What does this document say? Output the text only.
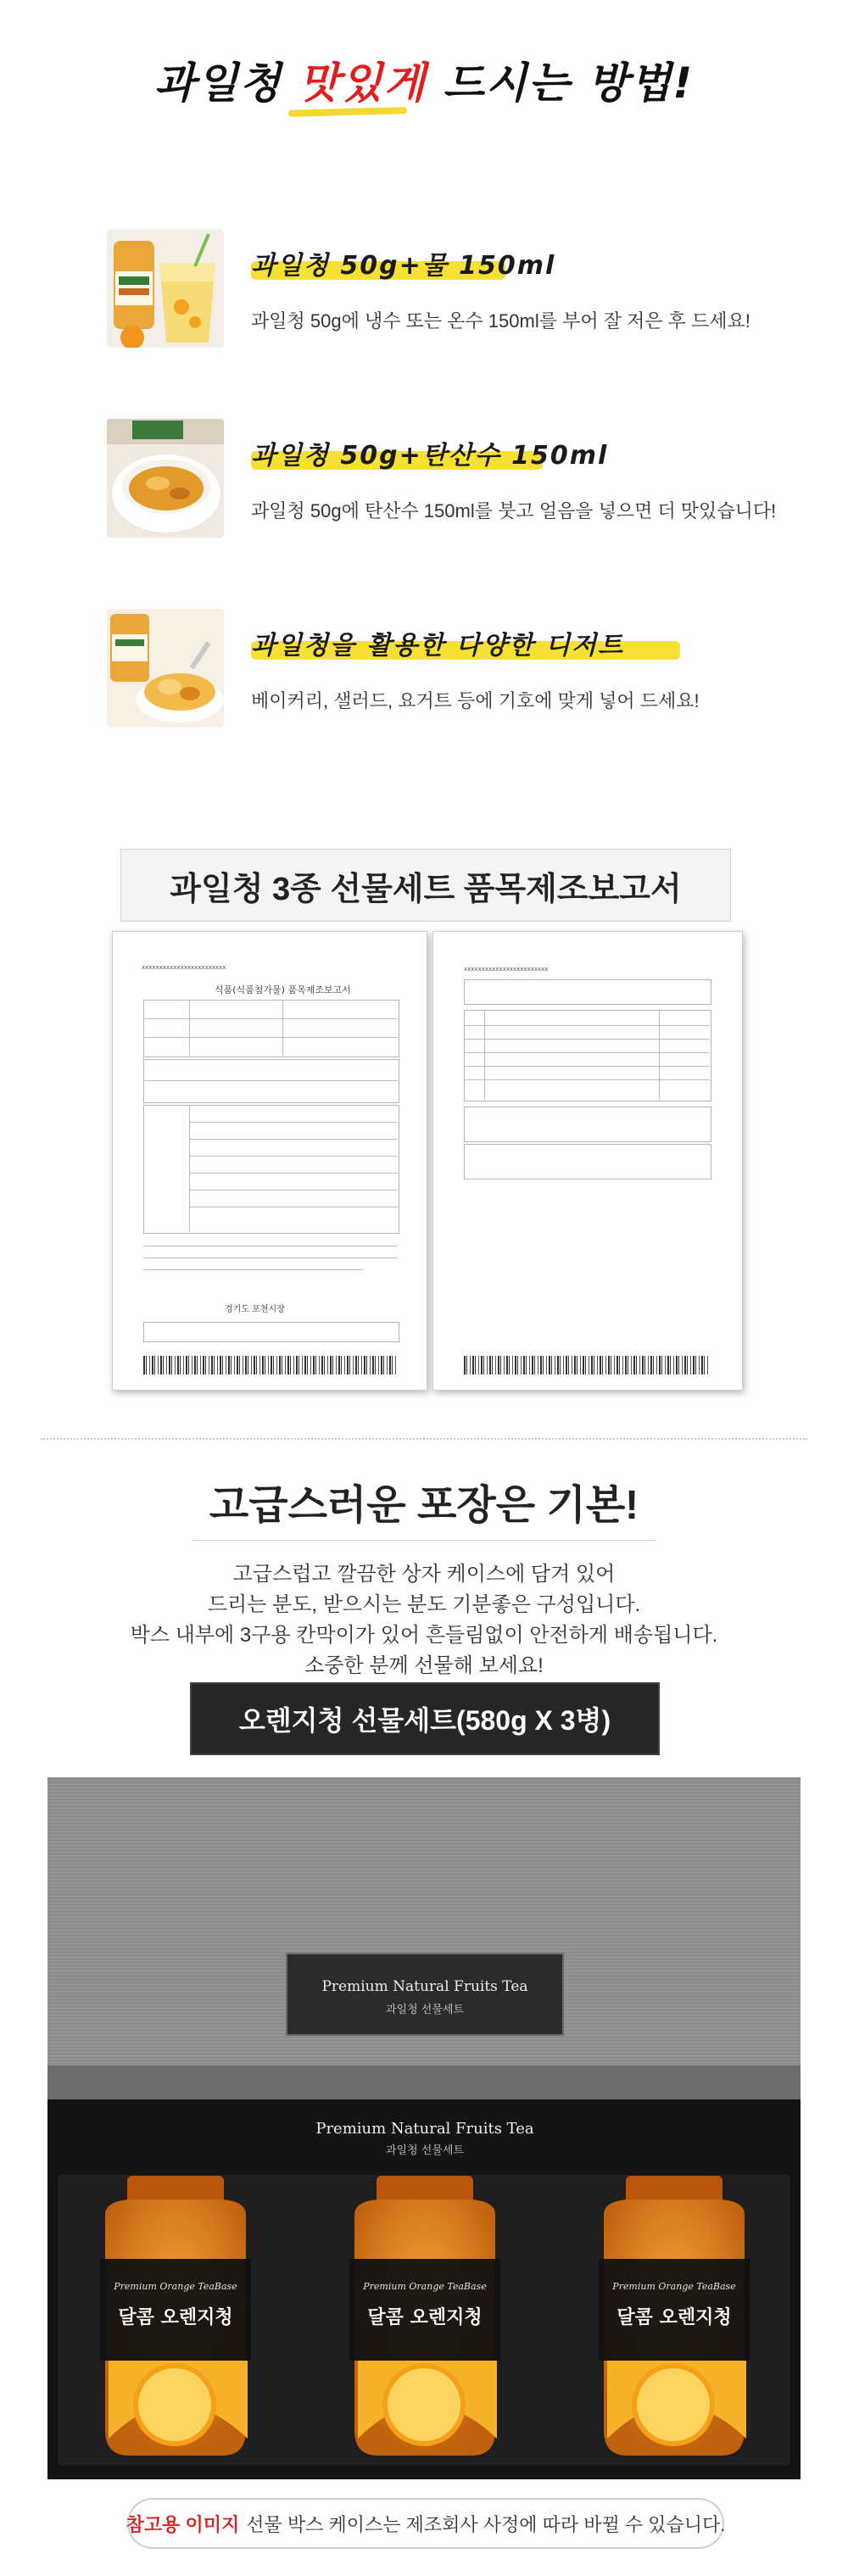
과일청 맛있게 드시는 방법!
과일청 50g+물 150ml
과일청 50g에 냉수 또는 온수 150ml를 부어 잘 저은 후 드세요!
과일청 50g+탄산수 150ml
과일청 50g에 탄산수 150ml를 붓고 얼음을 넣으면 더 맛있습니다!
과일청을 활용한 다양한 디저트
베이커리, 샐러드, 요거트 등에 기호에 맞게 넣어 드세요!
과일청 3종 선물세트 품목제조보고서
xxxxxxxxxxxxxxxxxxxxxxxx
식품(식품첨가물) 품목제조보고서
경기도 포천시장
xxxxxxxxxxxxxxxxxxxxxxxx
고급스러운 포장은 기본!
고급스럽고 깔끔한 상자 케이스에 담겨 있어
드리는 분도, 받으시는 분도 기분좋은 구성입니다.
박스 내부에 3구용 칸막이가 있어 흔들림없이 안전하게 배송됩니다.
소중한 분께 선물해 보세요!
오렌지청 선물세트(580g X 3병)
Premium Natural Fruits Tea
과일청 선물세트
Premium Natural Fruits Tea
과일청 선물세트
Premium Orange TeaBase
달콤 오렌지청
Premium Orange TeaBase
달콤 오렌지청
Premium Orange TeaBase
달콤 오렌지청
참고용 이미지 선물 박스 케이스는 제조회사 사정에 따라 바뀔 수 있습니다.
